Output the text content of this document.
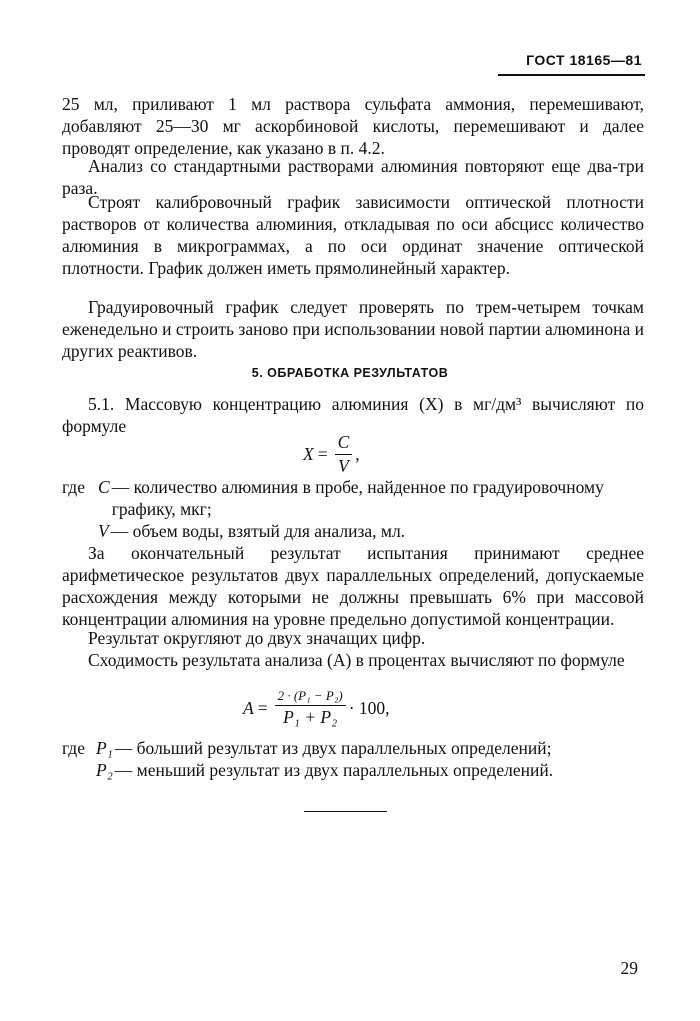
ГОСТ 18165—81

25 мл, приливают 1 мл раствора сульфата аммония, перемешивают, добавляют 25—30 мг аскорбиновой кислоты, перемешивают и далее проводят определение, как указано в п. 4.2.

Анализ со стандартными растворами алюминия повторяют еще два-три раза.

Строят калибровочный график зависимости оптической плотности растворов от количества алюминия, откладывая по оси абсцисс количество алюминия в микрограммах, а по оси ординат значение оптической плотности. График должен иметь прямолинейный характер.

Градуировочный график следует проверять по трем-четырем точкам еженедельно и строить заново при использовании новой партии алюминона и других реактивов.

5. ОБРАБОТКА РЕЗУЛЬТАТОВ

5.1. Массовую концентрацию алюминия (X) в мг/дм³ вычисляют по формуле

$X = \frac{C}{V}$ ,
где C — количество алюминия в пробе, найденное по градуировочному графику, мкг;
V — объем воды, взятый для анализа, мл.

За окончательный результат испытания принимают среднее арифметическое результатов двух параллельных определений, допускаемые расхождения между которыми не должны превышать 6% при массовой концентрации алюминия на уровне предельно допустимой концентрации.

Результат округляют до двух значащих цифр.

Сходимость результата анализа (A) в процентах вычисляют по формуле

$A = \frac{\text{2 · (P₁ − P₂)}}{\text{P₁ + P₂}} \cdot 100$,
где P₁ — больший результат из двух параллельных определений;
P₂ — меньший результат из двух параллельных определений.
29
